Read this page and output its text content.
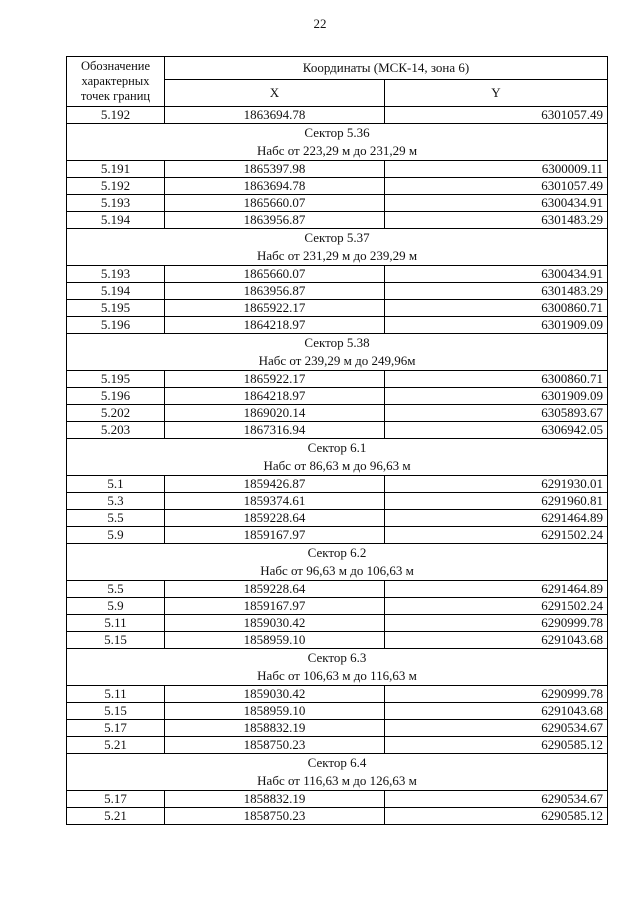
22
Обозначение характерных точек границ	Координаты (МСК-14, зона 6)	
	X	Y
5.192	1863694.78	6301057.49

Сектор 5.36
Набс от 223,29 м до 231,29 м		

5.191	1865397.98	6300009.11
5.192	1863694.78	6301057.49
5.193	1865660.07	6300434.91
5.194	1863956.87	6301483.29

Сектор 5.37
Набс от 231,29 м до 239,29 м		

5.193	1865660.07	6300434.91
5.194	1863956.87	6301483.29
5.195	1865922.17	6300860.71
5.196	1864218.97	6301909.09

Сектор 5.38
Набс от 239,29 м до 249,96м		

5.195	1865922.17	6300860.71
5.196	1864218.97	6301909.09
5.202	1869020.14	6305893.67
5.203	1867316.94	6306942.05

Сектор 6.1
Набс от 86,63 м до 96,63 м		

5.1	1859426.87	6291930.01
5.3	1859374.61	6291960.81
5.5	1859228.64	6291464.89
5.9	1859167.97	6291502.24

Сектор 6.2
Набс от 96,63 м до 106,63 м		

5.5	1859228.64	6291464.89
5.9	1859167.97	6291502.24
5.11	1859030.42	6290999.78
5.15	1858959.10	6291043.68

Сектор 6.3
Набс от 106,63 м до 116,63 м		

5.11	1859030.42	6290999.78
5.15	1858959.10	6291043.68
5.17	1858832.19	6290534.67
5.21	1858750.23	6290585.12

Сектор 6.4
Набс от 116,63 м до 126,63 м		

5.17	1858832.19	6290534.67
5.21	1858750.23	6290585.12
